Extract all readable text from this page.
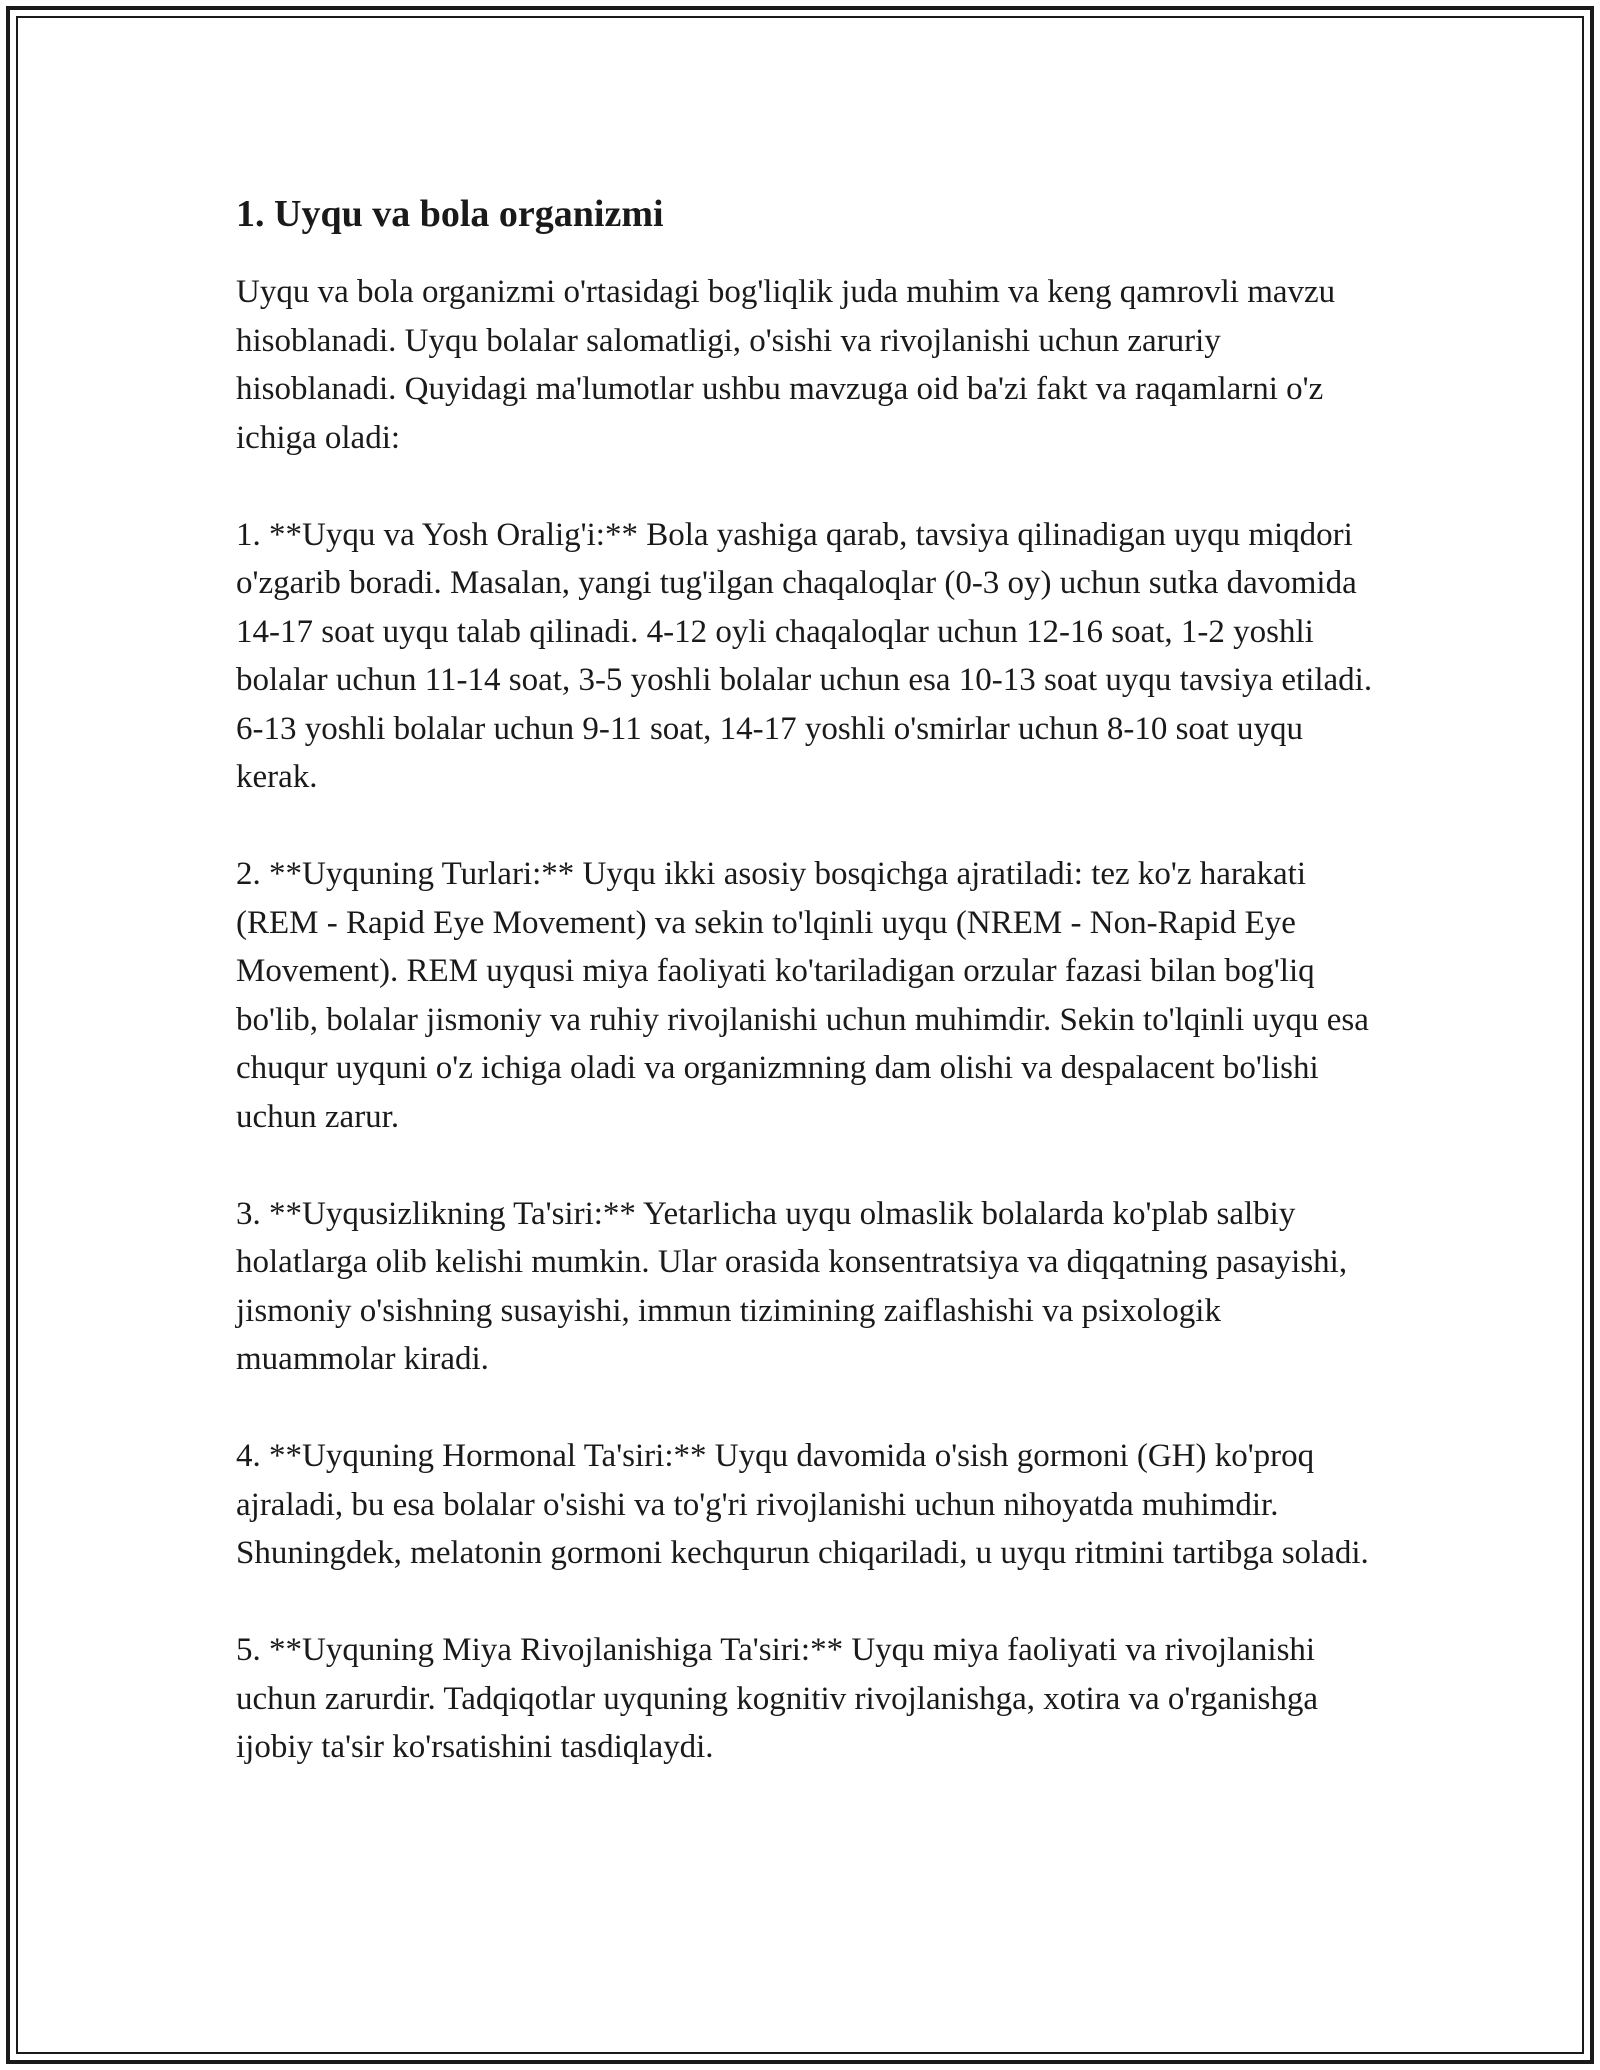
1. Uyqu va bola organizmi

Uyqu va bola organizmi o'rtasidagi bog'liqlik juda muhim va keng qamrovli mavzu hisoblanadi. Uyqu bolalar salomatligi, o'sishi va rivojlanishi uchun zaruriy hisoblanadi. Quyidagi ma'lumotlar ushbu mavzuga oid ba'zi fakt va raqamlarni o'z ichiga oladi:

1. **Uyqu va Yosh Oralig'i:** Bola yashiga qarab, tavsiya qilinadigan uyqu miqdori o'zgarib boradi. Masalan, yangi tug'ilgan chaqaloqlar (0-3 oy) uchun sutka davomida 14-17 soat uyqu talab qilinadi. 4-12 oyli chaqaloqlar uchun 12-16 soat, 1-2 yoshli bolalar uchun 11-14 soat, 3-5 yoshli bolalar uchun esa 10-13 soat uyqu tavsiya etiladi. 6-13 yoshli bolalar uchun 9-11 soat, 14-17 yoshli o'smirlar uchun 8-10 soat uyqu kerak.

2. **Uyquning Turlari:** Uyqu ikki asosiy bosqichga ajratiladi: tez ko'z harakati (REM - Rapid Eye Movement) va sekin to'lqinli uyqu (NREM - Non-Rapid Eye Movement). REM uyqusi miya faoliyati ko'tariladigan orzular fazasi bilan bog'liq bo'lib, bolalar jismoniy va ruhiy rivojlanishi uchun muhimdir. Sekin to'lqinli uyqu esa chuqur uyquni o'z ichiga oladi va organizmning dam olishi va despalacent bo'lishi uchun zarur.

3. **Uyqusizlikning Ta'siri:** Yetarlicha uyqu olmaslik bolalarda ko'plab salbiy holatlarga olib kelishi mumkin. Ular orasida konsentratsiya va diqqatning pasayishi, jismoniy o'sishning susayishi, immun tizimining zaiflashishi va psixologik muammolar kiradi.

4. **Uyquning Hormonal Ta'siri:** Uyqu davomida o'sish gormoni (GH) ko'proq ajraladi, bu esa bolalar o'sishi va to'g'ri rivojlanishi uchun nihoyatda muhimdir. Shuningdek, melatonin gormoni kechqurun chiqariladi, u uyqu ritmini tartibga soladi.

5. **Uyquning Miya Rivojlanishiga Ta'siri:** Uyqu miya faoliyati va rivojlanishi uchun zarurdir. Tadqiqotlar uyquning kognitiv rivojlanishga, xotira va o'rganishga ijobiy ta'sir ko'rsatishini tasdiqlaydi.
